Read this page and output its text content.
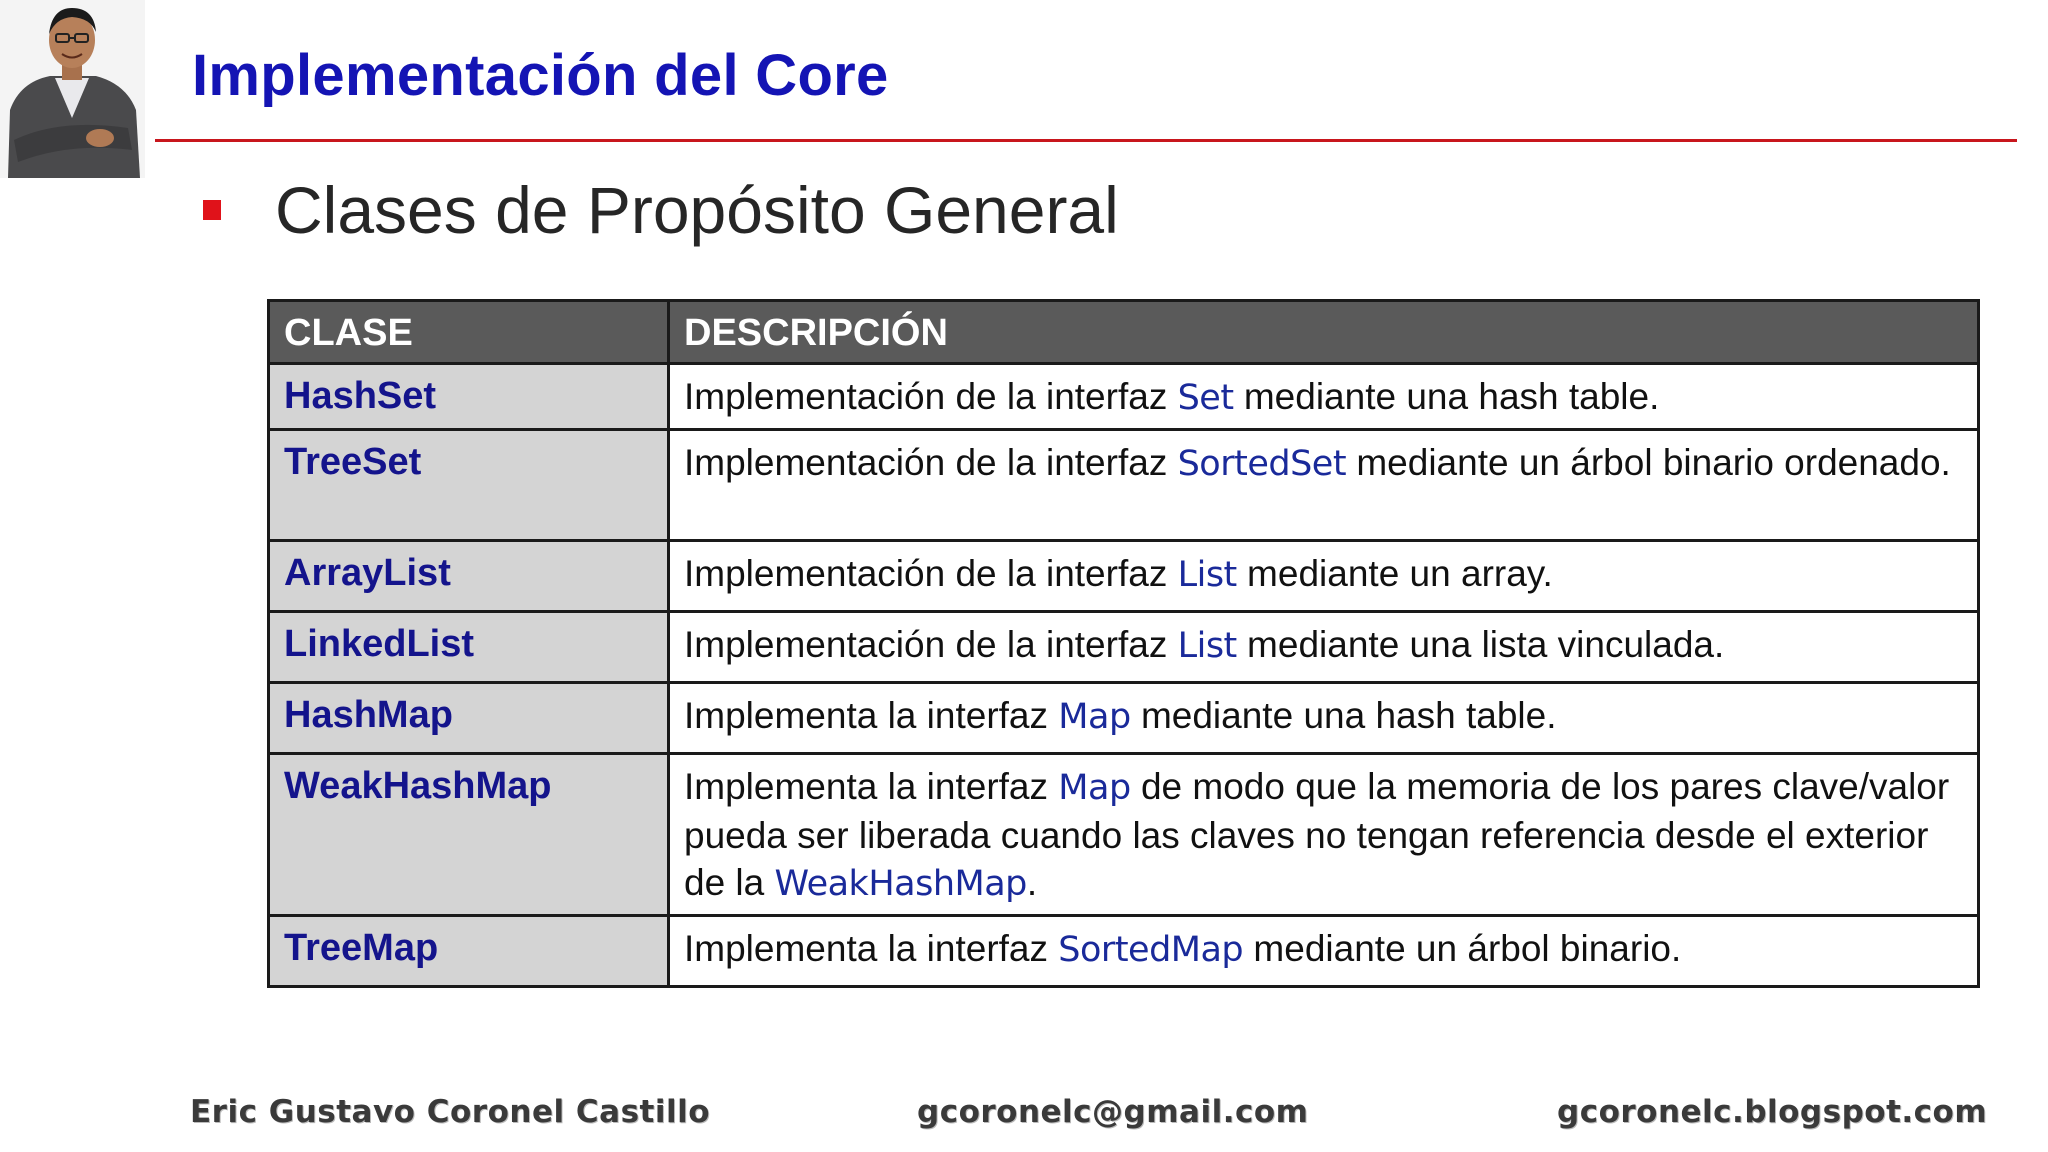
Implementación del Core
Clases de Propósito General
CLASE	DESCRIPCIÓN
HashSet	Implementación de la interfaz Set mediante una hash table.
TreeSet	Implementación de la interfaz SortedSet mediante un árbol binario ordenado.
ArrayList	Implementación de la interfaz List mediante un array.
LinkedList	Implementación de la interfaz List mediante una lista vinculada.
HashMap	Implementa la interfaz Map mediante una hash table.
WeakHashMap	Implementa la interfaz Map de modo que la memoria de los pares clave/valor pueda ser liberada cuando las claves no tengan referencia desde el exterior de la WeakHashMap.
TreeMap	Implementa la interfaz SortedMap mediante un árbol binario.
Eric Gustavo Coronel Castillo	gcoronelc@gmail.com	gcoronelc.blogspot.com
